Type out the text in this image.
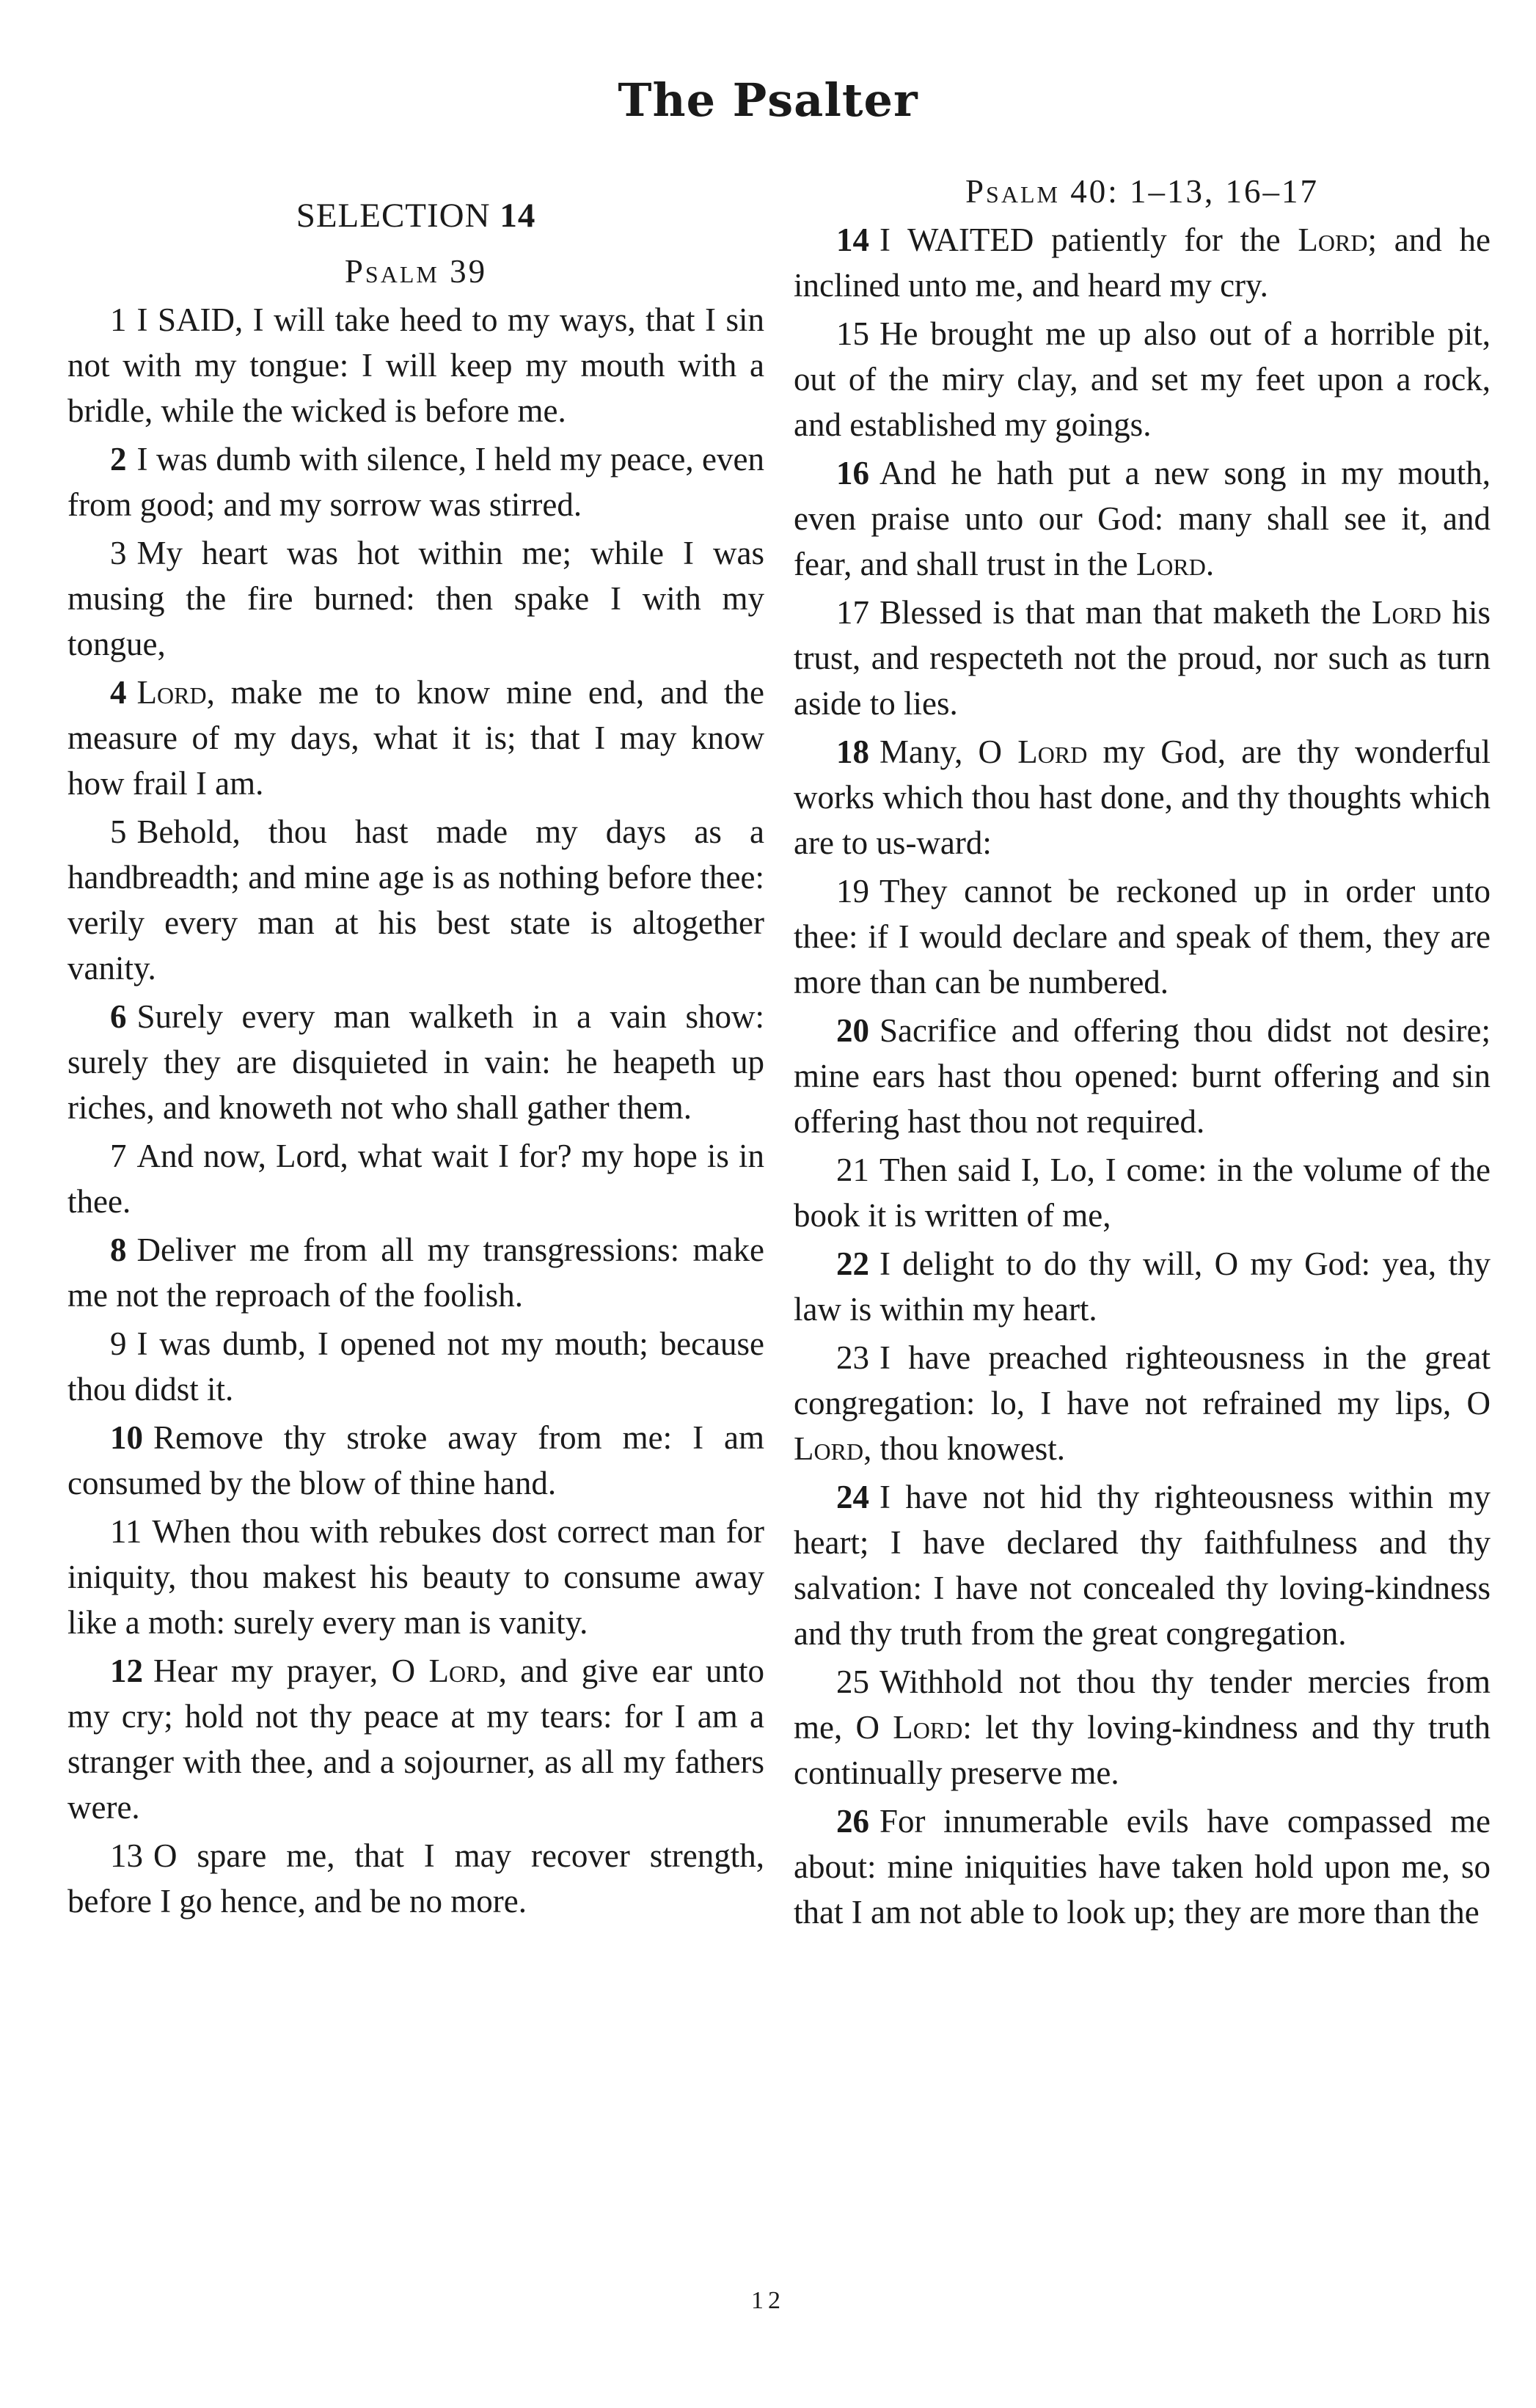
The Psalter
SELECTION 14
Psalm 39

1 I SAID, I will take heed to my ways, that I sin not with my tongue: I will keep my mouth with a bridle, while the wicked is before me.

2 I was dumb with silence, I held my peace, even from good; and my sorrow was stirred.

3 My heart was hot within me; while I was musing the fire burned: then spake I with my tongue,

4 Lord, make me to know mine end, and the measure of my days, what it is; that I may know how frail I am.

5 Behold, thou hast made my days as a handbreadth; and mine age is as nothing before thee: verily every man at his best state is altogether vanity.

6 Surely every man walketh in a vain show: surely they are disquieted in vain: he heapeth up riches, and knoweth not who shall gather them.

7 And now, Lord, what wait I for? my hope is in thee.

8 Deliver me from all my transgressions: make me not the reproach of the foolish.

9 I was dumb, I opened not my mouth; because thou didst it.

10 Remove thy stroke away from me: I am consumed by the blow of thine hand.

11 When thou with rebukes dost correct man for iniquity, thou makest his beauty to consume away like a moth: surely every man is vanity.

12 Hear my prayer, O Lord, and give ear unto my cry; hold not thy peace at my tears: for I am a stranger with thee, and a sojourner, as all my fathers were.

13 O spare me, that I may recover strength, before I go hence, and be no more.

Psalm 40: 1–13, 16–17

14 I WAITED patiently for the Lord; and he inclined unto me, and heard my cry.

15 He brought me up also out of a horrible pit, out of the miry clay, and set my feet upon a rock, and established my goings.

16 And he hath put a new song in my mouth, even praise unto our God: many shall see it, and fear, and shall trust in the Lord.

17 Blessed is that man that maketh the Lord his trust, and respecteth not the proud, nor such as turn aside to lies.

18 Many, O Lord my God, are thy wonderful works which thou hast done, and thy thoughts which are to us-ward:

19 They cannot be reckoned up in order unto thee: if I would declare and speak of them, they are more than can be numbered.

20 Sacrifice and offering thou didst not desire; mine ears hast thou opened: burnt offering and sin offering hast thou not required.

21 Then said I, Lo, I come: in the volume of the book it is written of me,

22 I delight to do thy will, O my God: yea, thy law is within my heart.

23 I have preached righteousness in the great congregation: lo, I have not refrained my lips, O Lord, thou knowest.

24 I have not hid thy righteousness within my heart; I have declared thy faithfulness and thy salvation: I have not concealed thy loving-kindness and thy truth from the great congregation.

25 Withhold not thou thy tender mercies from me, O Lord: let thy loving-kindness and thy truth continually preserve me.

26 For innumerable evils have compassed me about: mine iniquities have taken hold upon me, so that I am not able to look up; they are more than the

12
